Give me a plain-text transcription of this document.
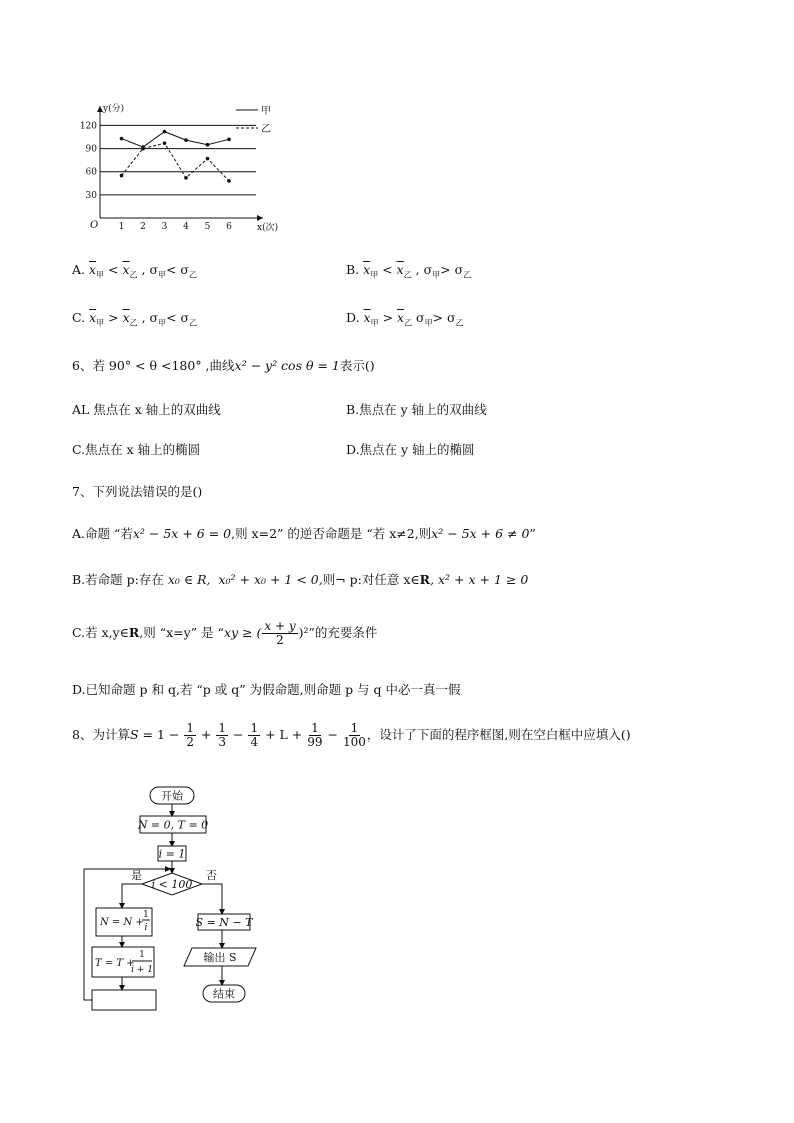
y(分)
O	x(次)
30
60
90
120
1 2 3 4 5 6
甲
乙
A. $\overline{x}_甲 < \overline{x}_乙$ , $\sigma_甲< \sigma_乙$	B. $\overline{x}_甲 < \overline{x}_乙$ , $\sigma_甲> \sigma_乙$
C. $\overline{x}_甲 > \overline{x}_乙$ , $\sigma_甲< \sigma_乙$	D. $\overline{x}_甲 > \overline{x}_乙$ $\sigma_甲> \sigma_乙$
6、若 90° < θ <180° ,曲线x² − y² cos θ = 1表示()
AL 焦点在 x 轴上的双曲线	B.焦点在 y 轴上的双曲线
C.焦点在 x 轴上的椭圆	D.焦点在 y 轴上的椭圆
7、下列说法错误的是()
A.命题 “若x² − 5x + 6 = 0,则 x=2” 的逆否命题是 “若 x≠2,则x² − 5x + 6 ≠ 0”
B.若命题 p:存在 x₀ ∈ R, x₀² + x₀ + 1 < 0,则¬ p:对任意 x∈R, x² + x + 1 ≥ 0
C.若 x,y∈R,则 “x=y” 是 “xy ≥ ( $\frac{x + y}{2} )^2$”的充要条件
D.已知命题 p 和 q,若 “p 或 q” 为假命题,则命题 p 与 q 中必一真一假
8、为计算$S = 1 - \frac{1}{2} + \frac{1}{3} - \frac{1}{4} + L + \frac{1}{99} - \frac{1}{100}$ ，设计了下面的程序框图,则在空白框中应填入()
开始
N = 0, T = 0
i = 1
i < 100
是	否
N = N +
1
i
T = T +
1
i + 1
S = N − T
输出 S
结束
